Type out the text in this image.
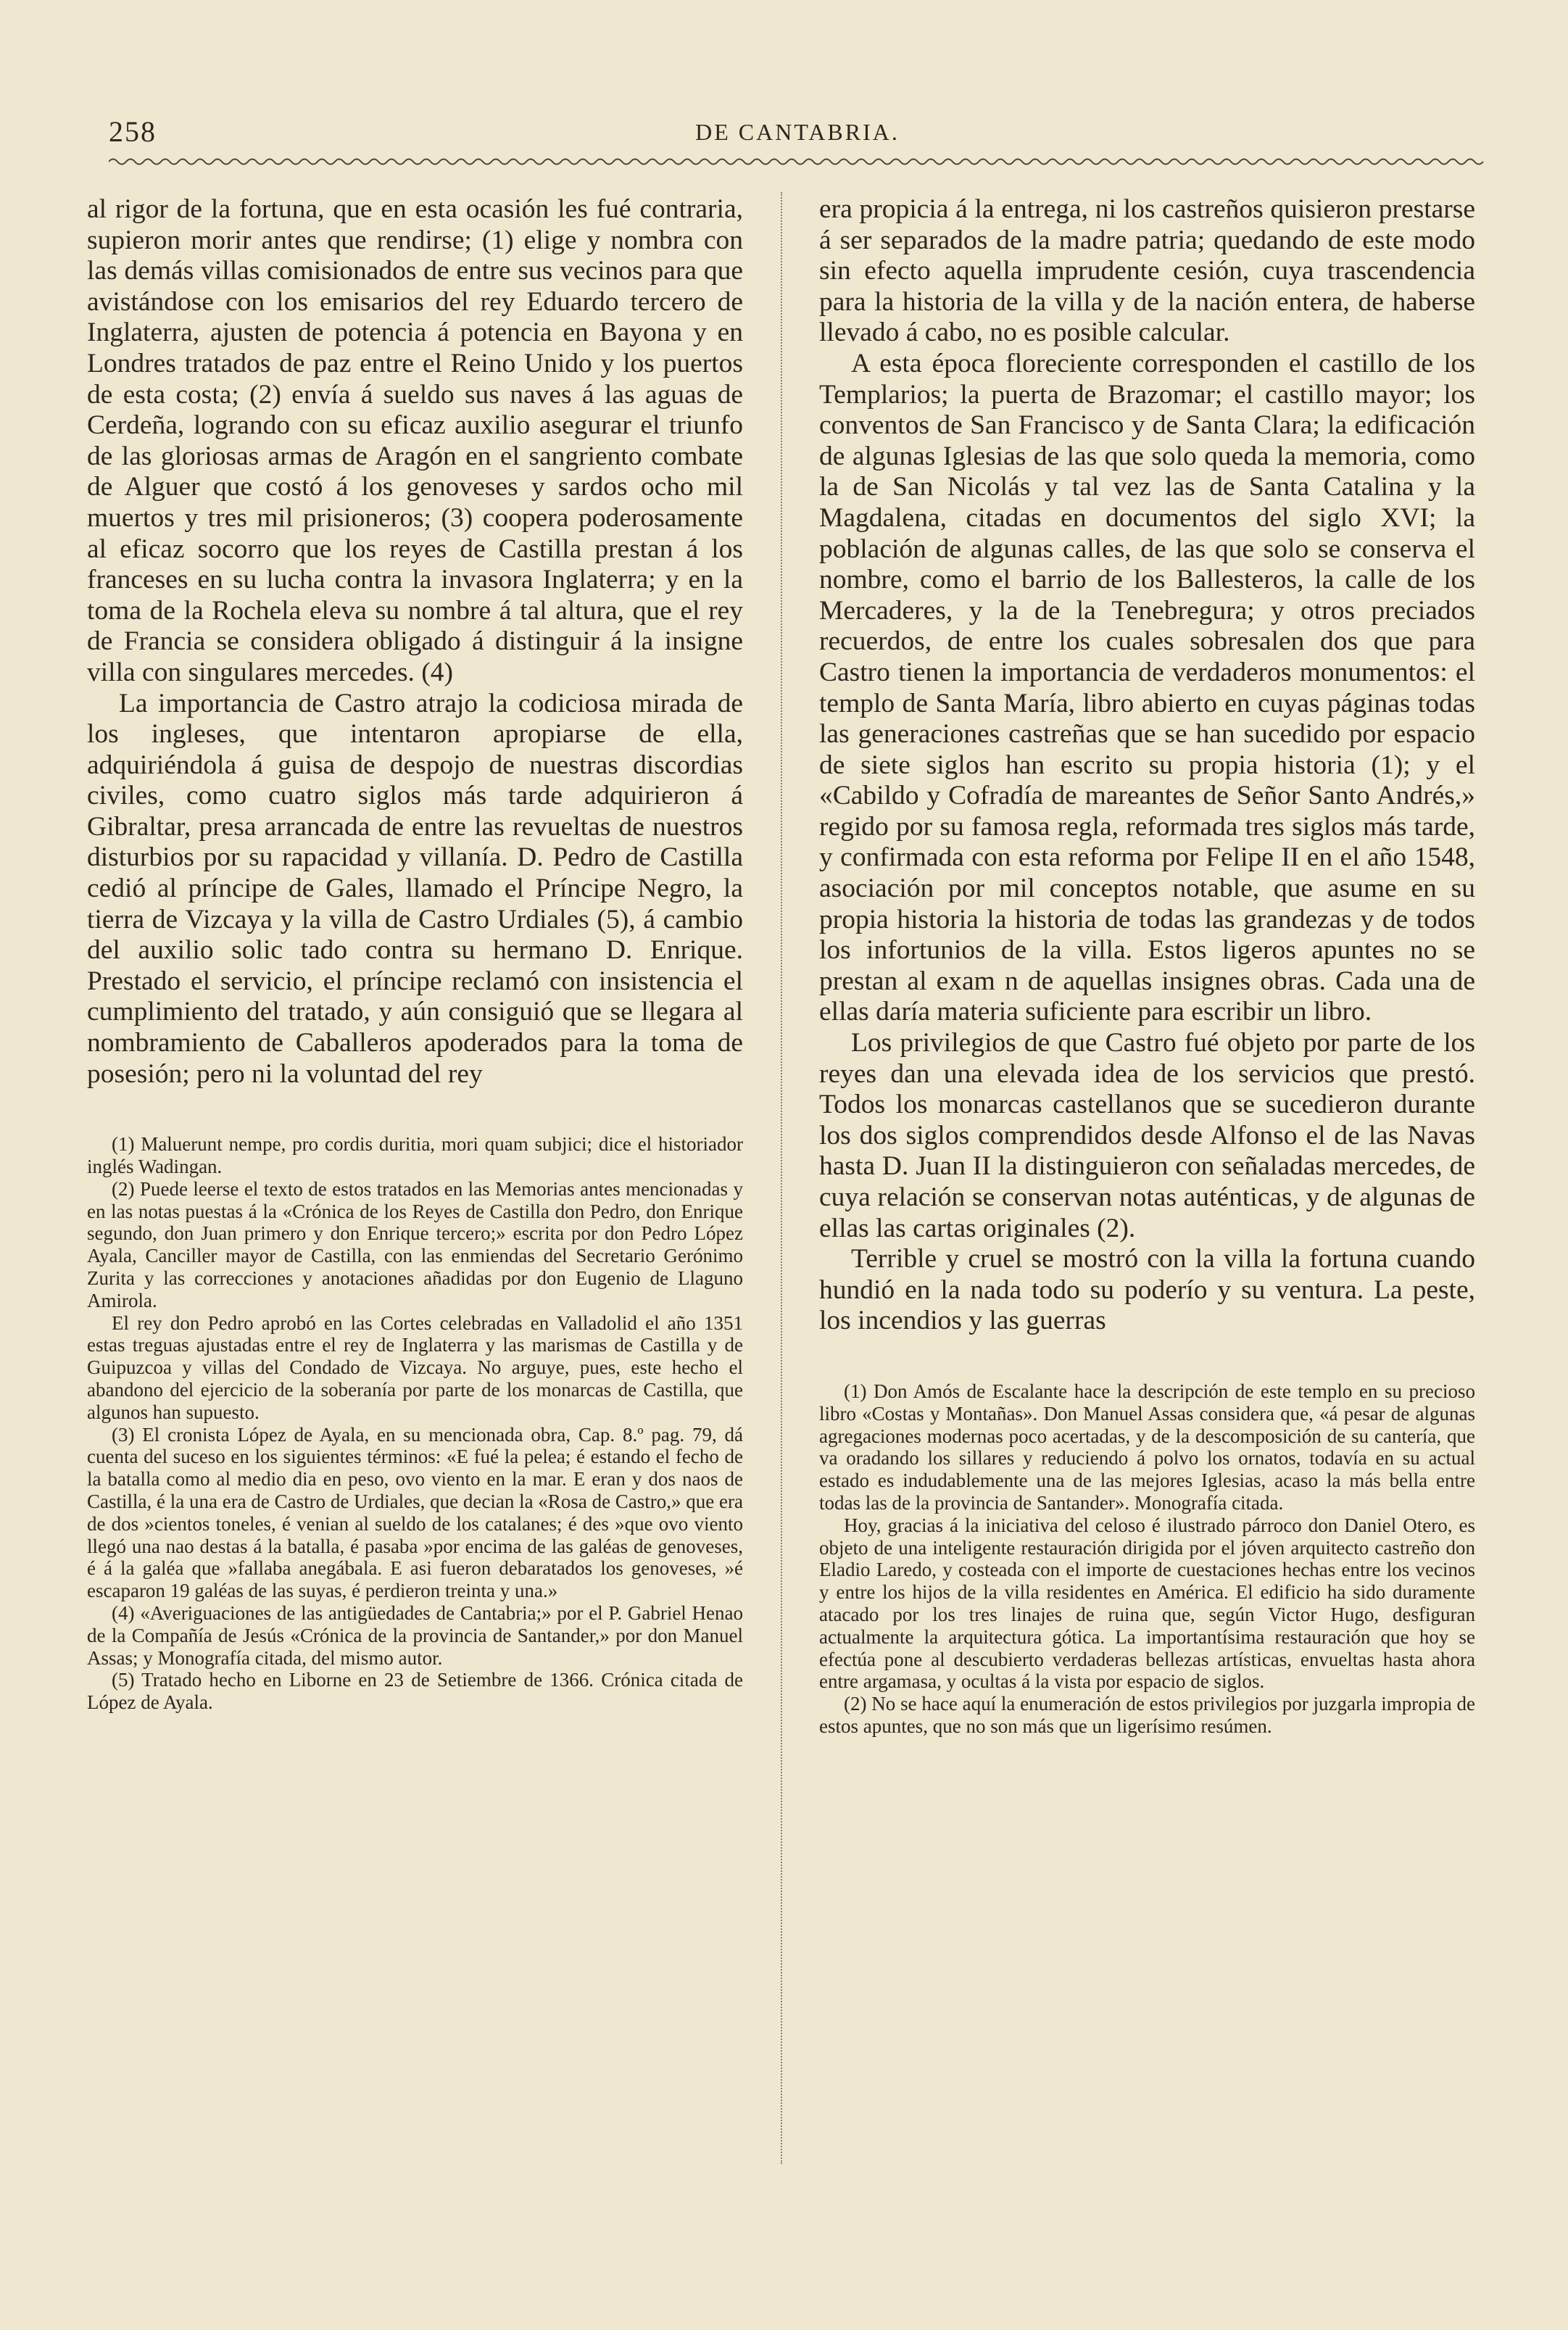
258	DE CANTABRIA.

al rigor de la fortuna, que en esta ocasión les fué contraria, supieron morir antes que rendirse; (1) elige y nombra con las demás villas comisionados de entre sus vecinos para que avistándose con los emisarios del rey Eduardo tercero de Inglaterra, ajusten de potencia á potencia en Bayona y en Londres tratados de paz entre el Reino Unido y los puertos de esta costa; (2) envía á sueldo sus naves á las aguas de Cerdeña, logrando con su eficaz auxilio asegurar el triunfo de las gloriosas armas de Aragón en el sangriento combate de Alguer que costó á los genoveses y sardos ocho mil muertos y tres mil prisioneros; (3) coopera poderosamente al eficaz socorro que los reyes de Castilla prestan á los franceses en su lucha contra la invasora Inglaterra; y en la toma de la Rochela eleva su nombre á tal altura, que el rey de Francia se considera obligado á distinguir á la insigne villa con singulares mercedes. (4)

La importancia de Castro atrajo la codiciosa mirada de los ingleses, que intentaron apropiarse de ella, adquiriéndola á guisa de despojo de nuestras discordias civiles, como cuatro siglos más tarde adquirieron á Gibraltar, presa arrancada de entre las revueltas de nuestros disturbios por su rapacidad y villanía. D. Pedro de Castilla cedió al príncipe de Gales, llamado el Príncipe Negro, la tierra de Vizcaya y la villa de Castro Urdiales (5), á cambio del auxilio solic tado contra su hermano D. Enrique. Prestado el servicio, el príncipe reclamó con insistencia el cumplimiento del tratado, y aún consiguió que se llegara al nombramiento de Caballeros apoderados para la toma de posesión; pero ni la voluntad del rey

(1) Maluerunt nempe, pro cordis duritia, mori quam subjici; dice el historiador inglés Wadingan.

(2) Puede leerse el texto de estos tratados en las Memorias antes mencionadas y en las notas puestas á la «Crónica de los Reyes de Castilla don Pedro, don Enrique segundo, don Juan primero y don Enrique tercero;» escrita por don Pedro López Ayala, Canciller mayor de Castilla, con las enmiendas del Secretario Gerónimo Zurita y las correcciones y anotaciones añadidas por don Eugenio de Llaguno Amirola.

El rey don Pedro aprobó en las Cortes celebradas en Valladolid el año 1351 estas treguas ajustadas entre el rey de Inglaterra y las marismas de Castilla y de Guipuzcoa y villas del Condado de Vizcaya. No arguye, pues, este hecho el abandono del ejercicio de la soberanía por parte de los monarcas de Castilla, que algunos han supuesto.

(3) El cronista López de Ayala, en su mencionada obra, Cap. 8.º pag. 79, dá cuenta del suceso en los siguientes términos: «E fué la pelea; é estando el fecho de la batalla como al medio dia en peso, ovo viento en la mar. E eran y dos naos de Castilla, é la una era de Castro de Urdiales, que decian la «Rosa de Castro,» que era de dos »cientos toneles, é venian al sueldo de los catalanes; é des »que ovo viento llegó una nao destas á la batalla, é pasaba »por encima de las galéas de genoveses, é á la galéa que »fallaba anegábala. E asi fueron debaratados los genoveses, »é escaparon 19 galéas de las suyas, é perdieron treinta y una.»

(4) «Averiguaciones de las antigüedades de Cantabria;» por el P. Gabriel Henao de la Compañía de Jesús «Crónica de la provincia de Santander,» por don Manuel Assas; y Monografía citada, del mismo autor.

(5) Tratado hecho en Liborne en 23 de Setiembre de 1366. Crónica citada de López de Ayala.

era propicia á la entrega, ni los castreños quisieron prestarse á ser separados de la madre patria; quedando de este modo sin efecto aquella imprudente cesión, cuya trascendencia para la historia de la villa y de la nación entera, de haberse llevado á cabo, no es posible calcular.

A esta época floreciente corresponden el castillo de los Templarios; la puerta de Brazomar; el castillo mayor; los conventos de San Francisco y de Santa Clara; la edificación de algunas Iglesias de las que solo queda la memoria, como la de San Nicolás y tal vez las de Santa Catalina y la Magdalena, citadas en documentos del siglo XVI; la población de algunas calles, de las que solo se conserva el nombre, como el barrio de los Ballesteros, la calle de los Mercaderes, y la de la Tenebregura; y otros preciados recuerdos, de entre los cuales sobresalen dos que para Castro tienen la importancia de verdaderos monumentos: el templo de Santa María, libro abierto en cuyas páginas todas las generaciones castreñas que se han sucedido por espacio de siete siglos han escrito su propia historia (1); y el «Cabildo y Cofradía de mareantes de Señor Santo Andrés,» regido por su famosa regla, reformada tres siglos más tarde, y confirmada con esta reforma por Felipe II en el año 1548, asociación por mil conceptos notable, que asume en su propia historia la historia de todas las grandezas y de todos los infortunios de la villa. Estos ligeros apuntes no se prestan al exam n de aquellas insignes obras. Cada una de ellas daría materia suficiente para escribir un libro.

Los privilegios de que Castro fué objeto por parte de los reyes dan una elevada idea de los servicios que prestó. Todos los monarcas castellanos que se sucedieron durante los dos siglos comprendidos desde Alfonso el de las Navas hasta D. Juan II la distinguieron con señaladas mercedes, de cuya relación se conservan notas auténticas, y de algunas de ellas las cartas originales (2).

Terrible y cruel se mostró con la villa la fortuna cuando hundió en la nada todo su poderío y su ventura. La peste, los incendios y las guerras

(1) Don Amós de Escalante hace la descripción de este templo en su precioso libro «Costas y Montañas». Don Manuel Assas considera que, «á pesar de algunas agregaciones modernas poco acertadas, y de la descomposición de su cantería, que va oradando los sillares y reduciendo á polvo los ornatos, todavía en su actual estado es indudablemente una de las mejores Iglesias, acaso la más bella entre todas las de la provincia de Santander». Monografía citada.

Hoy, gracias á la iniciativa del celoso é ilustrado párroco don Daniel Otero, es objeto de una inteligente restauración dirigida por el jóven arquitecto castreño don Eladio Laredo, y costeada con el importe de cuestaciones hechas entre los vecinos y entre los hijos de la villa residentes en América. El edificio ha sido duramente atacado por los tres linajes de ruina que, según Victor Hugo, desfiguran actualmente la arquitectura gótica. La importantísima restauración que hoy se efectúa pone al descubierto verdaderas bellezas artísticas, envueltas hasta ahora entre argamasa, y ocultas á la vista por espacio de siglos.

(2) No se hace aquí la enumeración de estos privilegios por juzgarla impropia de estos apuntes, que no son más que un ligerísimo resúmen.
